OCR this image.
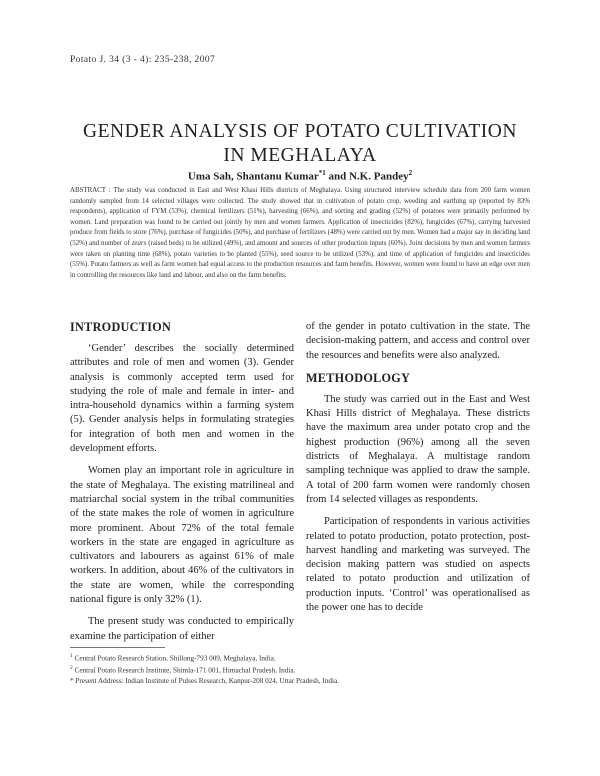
Potato J. 34 (3 - 4): 235-238, 2007
GENDER ANALYSIS OF POTATO CULTIVATION
IN MEGHALAYA
Uma Sah, Shantanu Kumar$^{*1}$ and N.K. Pandey$^2$
ABSTRACT : The study was conducted in East and West Khasi Hills districts of Meghalaya. Using structured interview schedule data from 200 farm women randomly sampled from 14 selected villages were collected. The study showed that in cultivation of potato crop, weeding and earthing up (reported by 83% respondents), application of FYM (53%), chemical fertilizers (51%), harvesting (66%), and sorting and grading (52%) of potatoes were primarily performed by women. Land preparation was found to be carried out jointly by men and women farmers. Application of insecticides (82%), fungicides (67%), carrying harvested produce from fields to store (76%), purchase of fungicides (50%), and purchase of fertilizers (48%) were carried out by men. Women had a major say in deciding land (52%) and number of zears (raised beds) to be utilized (49%), and amount and sources of other production inputs (60%). Joint decisions by men and women farmers were taken on planting time (68%), potato varieties to be planted (55%), seed source to be utilized (53%), and time of application of fungicides and insecticides (55%). Potato farmers as well as farm women had equal access to the production resources and farm benefits. However, women were found to have an edge over men in controlling the resources like land and labour, and also on the farm benefits.
INTRODUCTION

‘Gender’ describes the socially determined attributes and role of men and women (3). Gender analysis is commonly accepted term used for studying the role of male and female in inter- and intra-household dynamics within a farming system (5). Gender analysis helps in formulating strategies for integration of both men and women in the development efforts.

Women play an important role in agriculture in the state of Meghalaya. The existing matrilineal and matriarchal social system in the tribal communities of the state makes the role of women in agriculture more prominent. About 72% of the total female workers in the state are engaged in agriculture as cultivators and labourers as against 61% of male workers. In addition, about 46% of the cultivators in the state are women, while the corresponding national figure is only 32% (1).

The present study was conducted to empirically examine the participation of either

of the gender in potato cultivation in the state. The decision-making pattern, and access and control over the resources and benefits were also analyzed.

METHODOLOGY

The study was carried out in the East and West Khasi Hills district of Meghalaya. These districts have the maximum area under potato crop and the highest production (96%) among all the seven districts of Meghalaya. A multistage random sampling technique was applied to draw the sample. A total of 200 farm women were randomly chosen from 14 selected villages as respondents.

Participation of respondents in various activities related to potato production, potato protection, post-harvest handling and marketing was surveyed. The decision making pattern was studied on aspects related to potato production and utilization of production inputs. ‘Control’ was operationalised as the power one has to decide

$^1$ Central Potato Research Station, Shillong-793 009, Meghalaya, India.
$^2$ Central Potato Research Institute, Shimla-171 001, Himachal Pradesh, India.
* Present Address: Indian Institute of Pulses Research, Kanpur-208 024, Uttar Pradesh, India.
